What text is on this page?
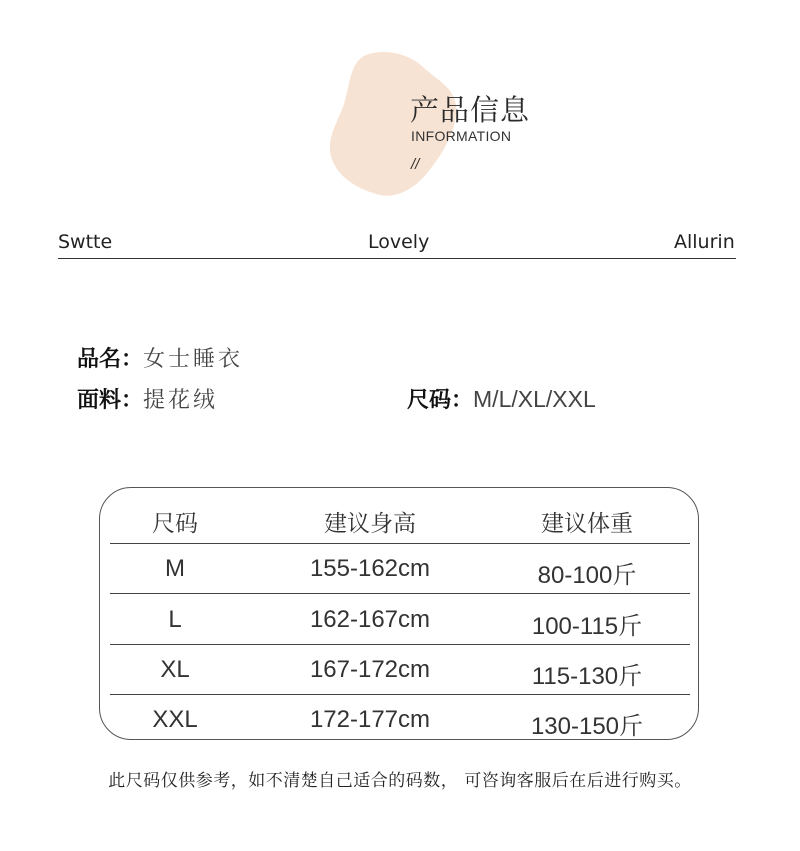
产品信息
INFORMATION
//
Swtte	Lovely	Allurin
品名：女士睡衣
面料：提花绒	尺码：M/L/XL/XXL
尺码	建议身高	建议体重
M	155-162cm	80-100斤
L	162-167cm	100-115斤
XL	167-172cm	115-130斤
XXL	172-177cm	130-150斤
此尺码仅供参考，如不清楚自己适合的码数， 可咨询客服后在后进行购买。
